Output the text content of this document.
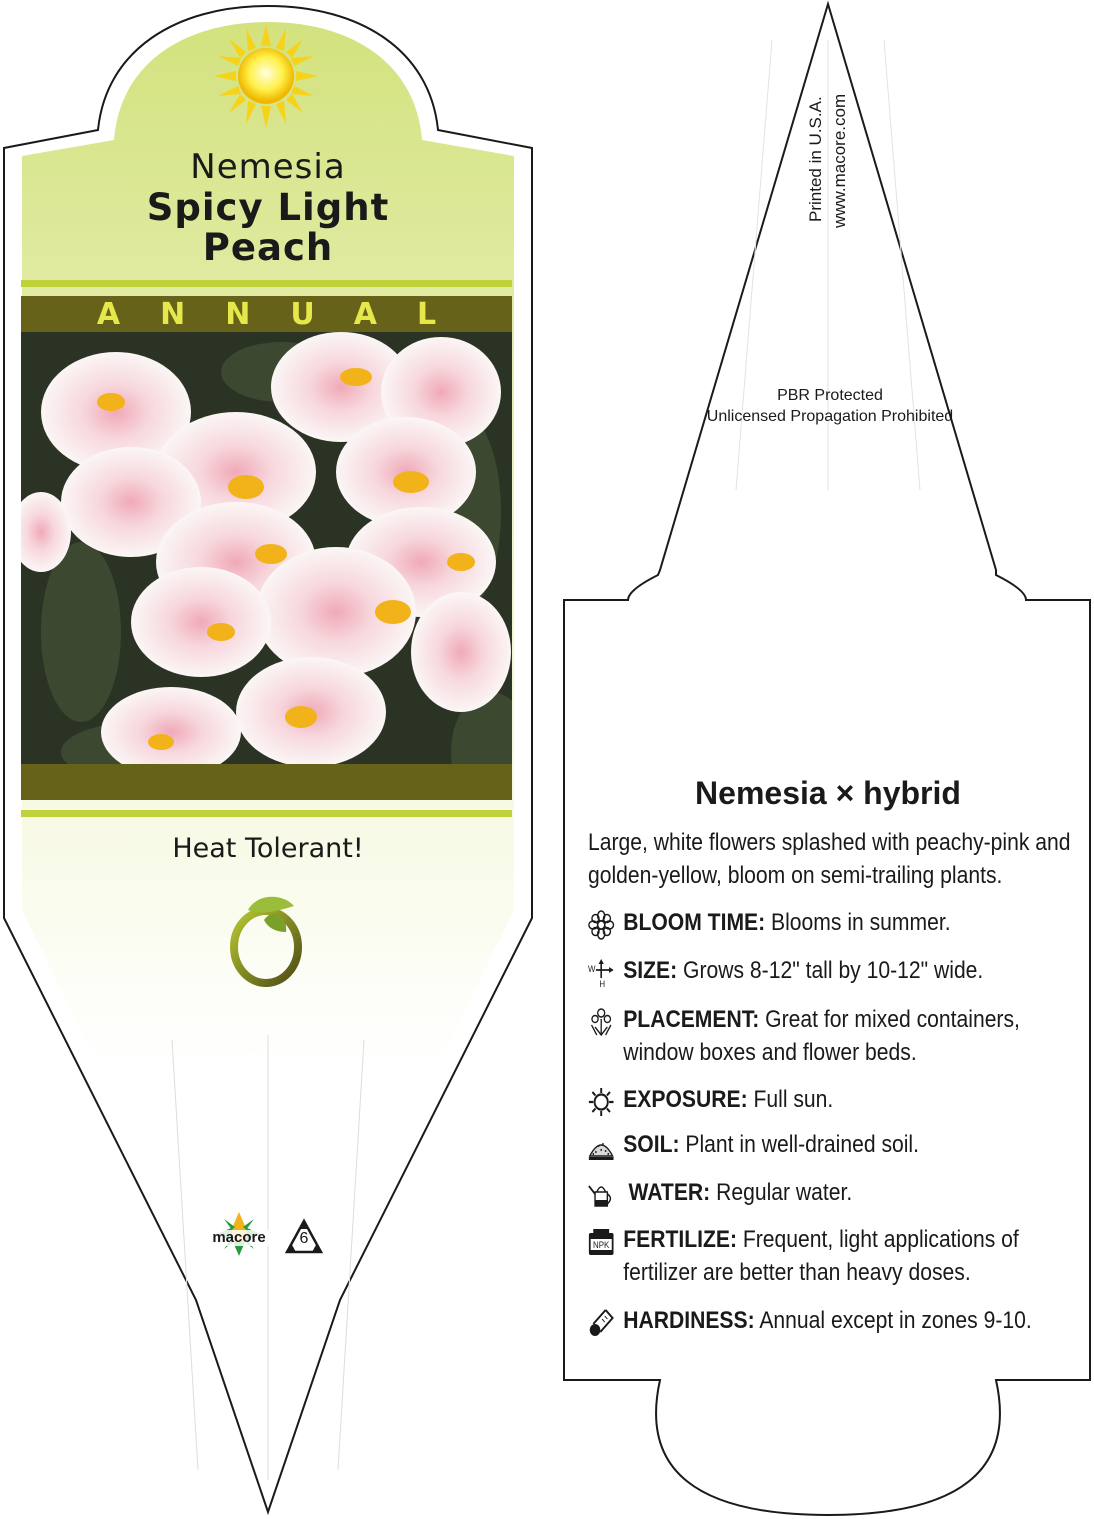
Nemesia
Spicy Light
Peach
ANNUAL
Heat Tolerant!
macore	6
Printed in U.S.A. www.macore.com
PBR Protected
Unlicensed Propagation Prohibited
Nemesia × hybrid
Large, white flowers splashed with peachy-pink and golden-yellow, bloom on semi-trailing plants.
BLOOM TIME: Blooms in summer.
W
H SIZE: Grows 8-12" tall by 10-12" wide.
PLACEMENT: Great for mixed containers, window boxes and flower beds.
EXPOSURE: Full sun.
SOIL: Plant in well-drained soil.
WATER: Regular water.
NPK FERTILIZE: Frequent, light applications of fertilizer are better than heavy doses.
HARDINESS: Annual except in zones 9-10.
